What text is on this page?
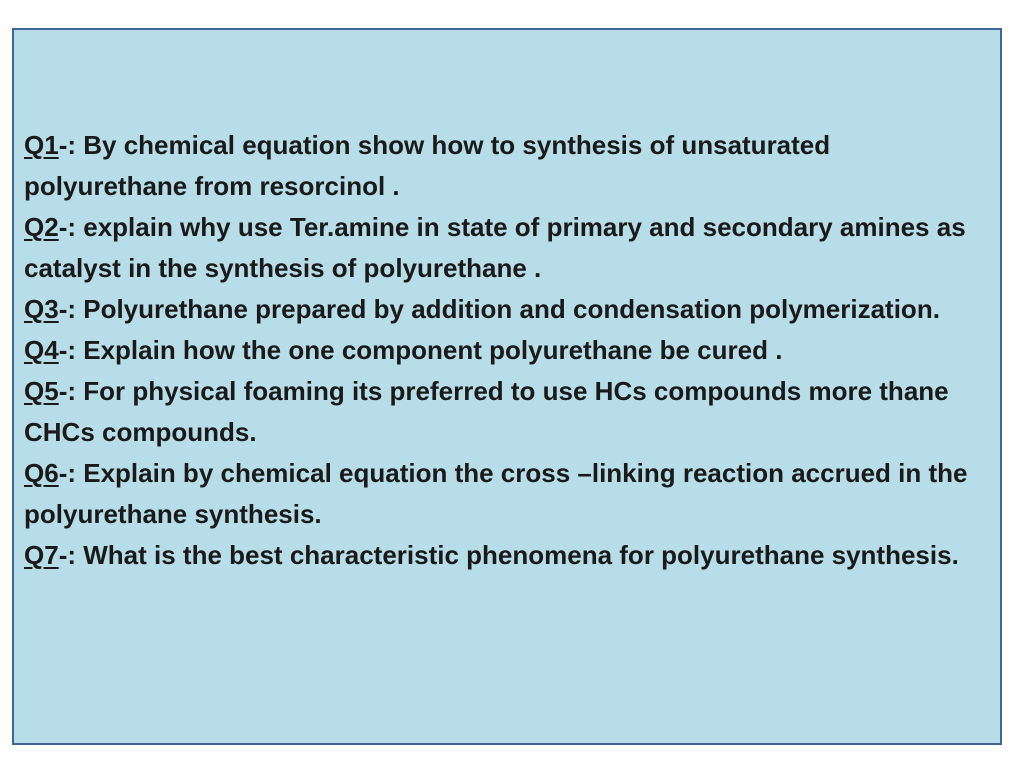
Q1-: By chemical equation show how to synthesis of unsaturated polyurethane from resorcinol .
Q2-: explain why use Ter.amine in state of primary and secondary amines as catalyst in the synthesis of polyurethane .
Q3-: Polyurethane prepared by addition and condensation polymerization.
Q4-: Explain how the one component polyurethane be cured .
Q5-: For physical foaming its preferred to use HCs compounds more thane CHCs compounds.
Q6-: Explain by chemical equation the cross –linking reaction accrued in the polyurethane synthesis.
Q7-: What is the best characteristic phenomena for polyurethane synthesis.
